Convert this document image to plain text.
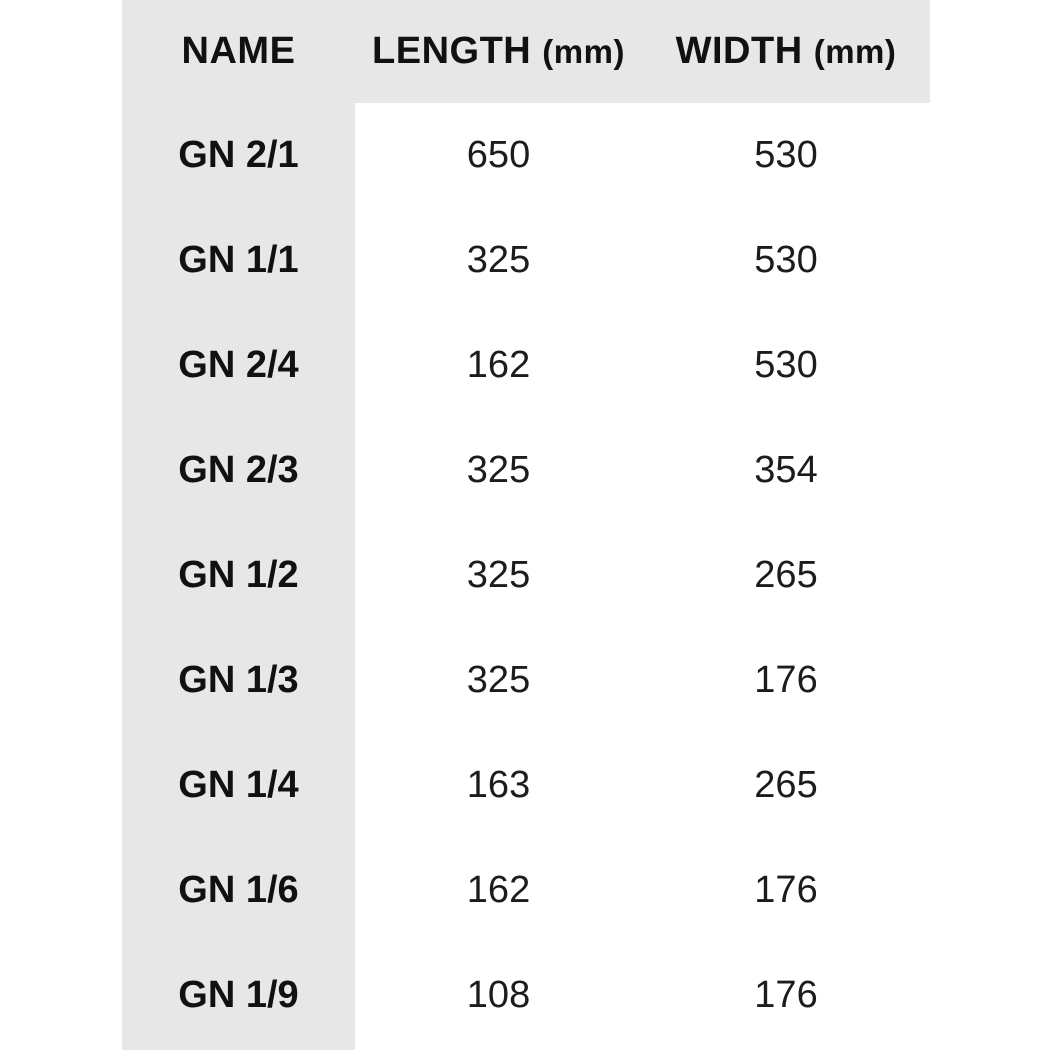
NAME	LENGTH (mm)	WIDTH (mm)
GN 2/1	650	530
GN 1/1	325	530
GN 2/4	162	530
GN 2/3	325	354
GN 1/2	325	265
GN 1/3	325	176
GN 1/4	163	265
GN 1/6	162	176
GN 1/9	108	176
